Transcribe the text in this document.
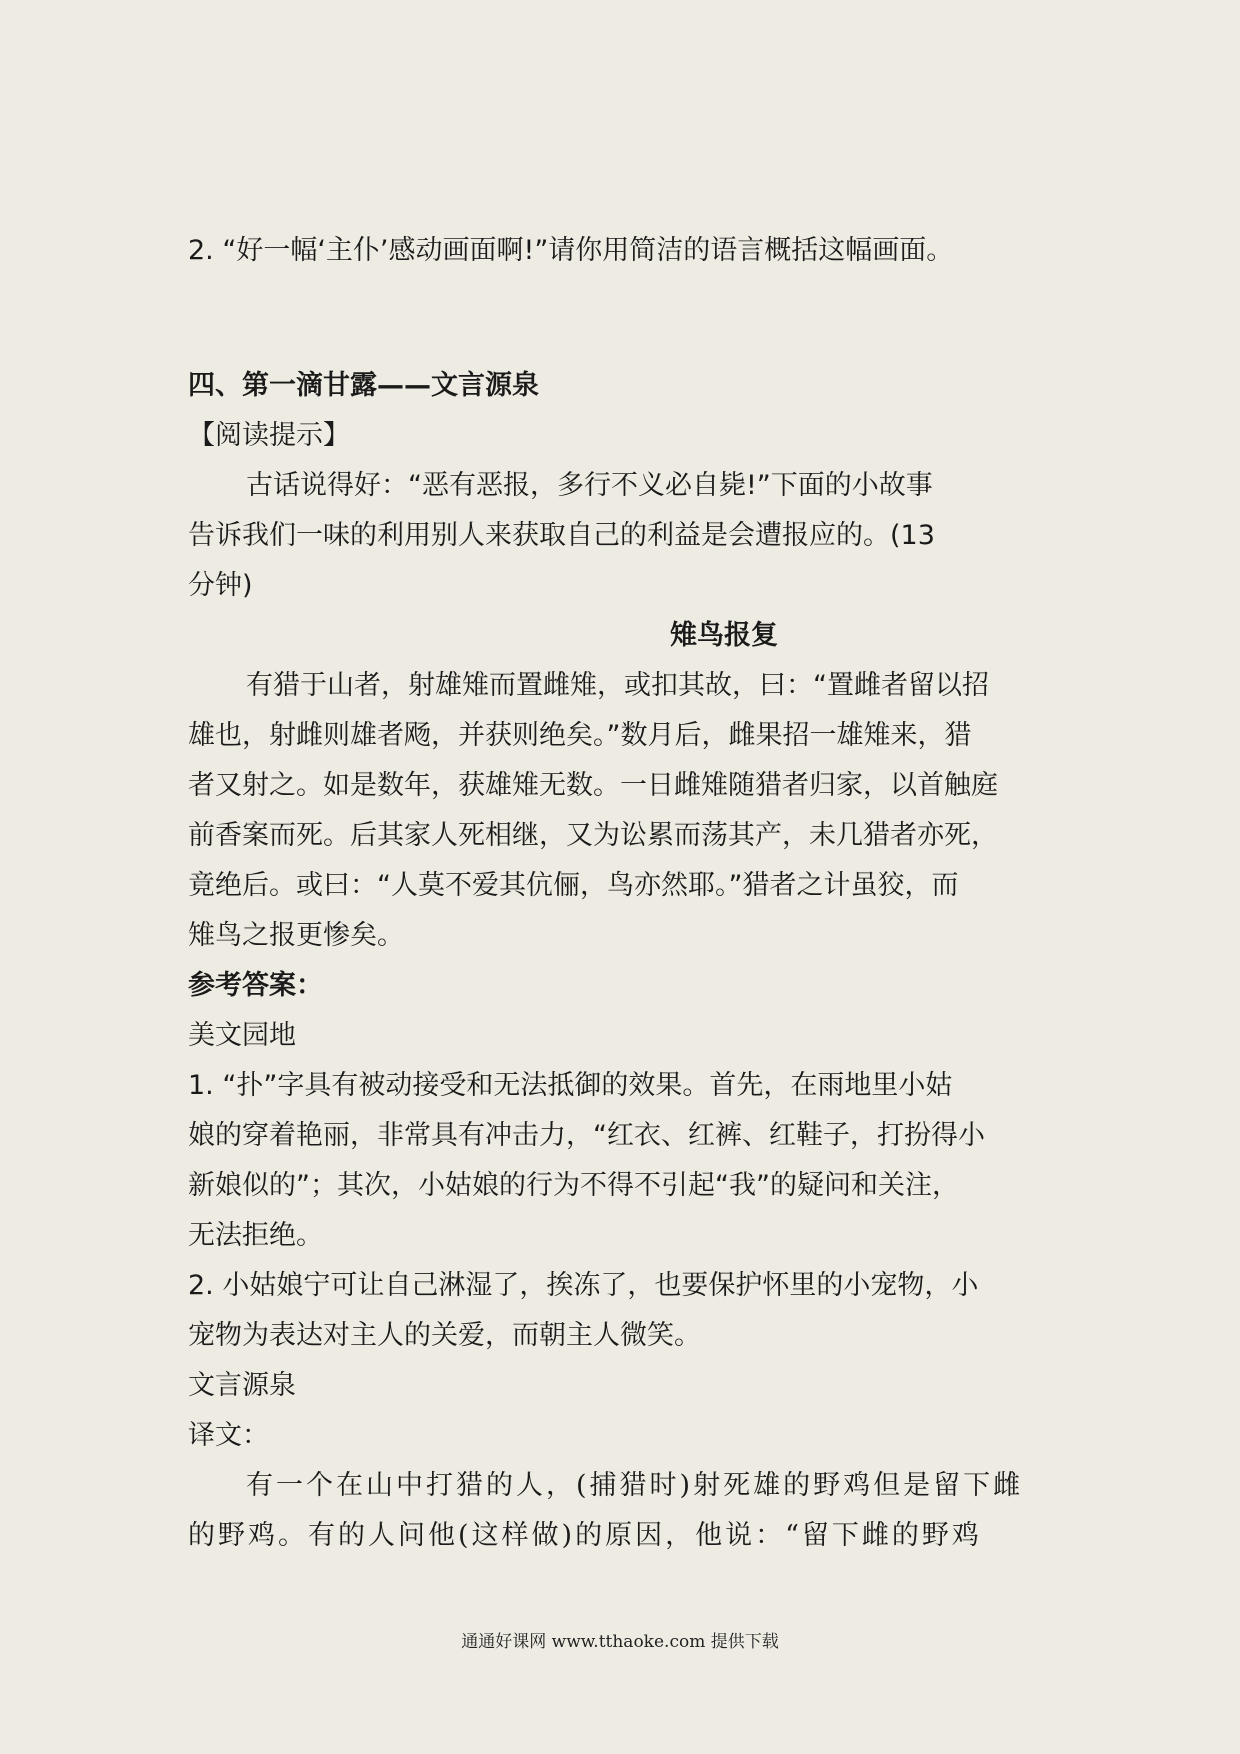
2. “好一幅‘主仆’感动画面啊!”请你用简洁的语言概括这幅画面。

四、第一滴甘露——文言源泉

【阅读提示】

古话说得好：“恶有恶报，多行不义必自毙!”下面的小故事

告诉我们一味的利用别人来获取自己的利益是会遭报应的。(13

分钟)

雉鸟报复

有猎于山者，射雄雉而置雌雉，或扣其故，曰：“置雌者留以招

雄也，射雌则雄者飏，并获则绝矣。”数月后，雌果招一雄雉来，猎

者又射之。如是数年，获雄雉无数。一日雌雉随猎者归家，以首触庭

前香案而死。后其家人死相继，又为讼累而荡其产，未几猎者亦死，

竟绝后。或曰：“人莫不爱其伉俪，鸟亦然耶。”猎者之计虽狡，而

雉鸟之报更惨矣。

参考答案：

美文园地

1. “扑”字具有被动接受和无法抵御的效果。首先，在雨地里小姑

娘的穿着艳丽，非常具有冲击力，“红衣、红裤、红鞋子，打扮得小

新娘似的”；其次，小姑娘的行为不得不引起“我”的疑问和关注，

无法拒绝。

2. 小姑娘宁可让自己淋湿了，挨冻了，也要保护怀里的小宠物，小

宠物为表达对主人的关爱，而朝主人微笑。

文言源泉

译文：

有一个在山中打猎的人，(捕猎时)射死雄的野鸡但是留下雌

的野鸡。有的人问他(这样做)的原因，他说：“留下雌的野鸡

通通好课网 www.tthaoke.com 提供下载
